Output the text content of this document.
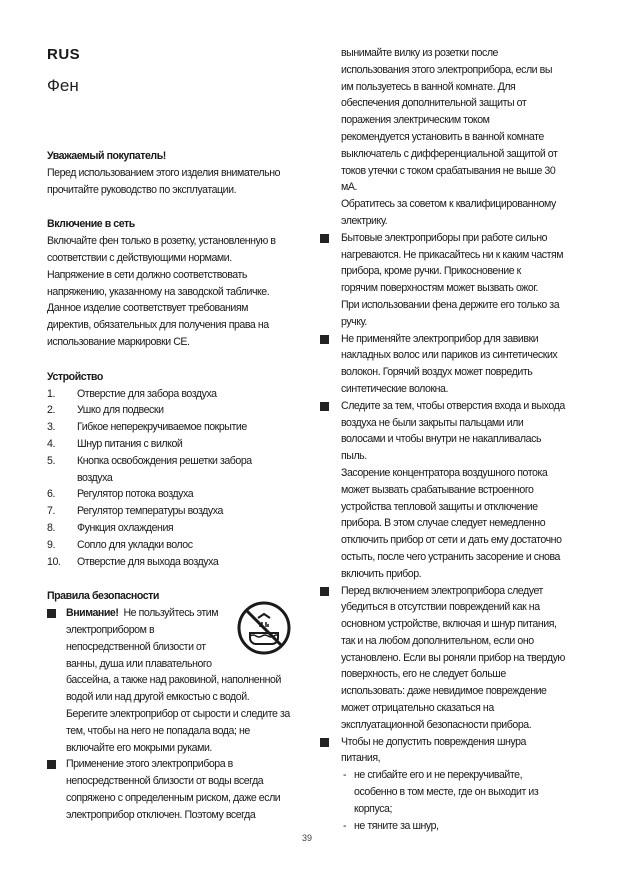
RUS
Фен
Уважаемый покупатель!
Перед использованием этого изделия внимательно
прочитайте руководство по эксплуатации.
Включение в сеть
Включайте фен только в розетку, установленную в
соответствии с действующими нормами.
Напряжение в сети должно соответствовать
напряжению, указанному на заводской табличке.
Данное изделие соответствует требованиям
директив, обязательных для получения права на
использование маркировки CE.
Устройство
1. Отверстие для забора воздуха
2. Ушко для подвески
3. Гибкое неперекручиваемое покрытие
4. Шнур питания с вилкой
5. Кнопка освобождения решетки забора
воздуха
6. Регулятор потока воздуха
7. Регулятор температуры воздуха
8. Функция охлаждения
9. Сопло для укладки волос
10. Отверстие для выхода воздуха
Правила безопасности
Внимание! Не пользуйтесь этим
электроприбором в
непосредственной близости от
ванны, душа или плавательного
бассейна, а также над раковиной, наполненной
водой или над другой емкостью с водой.
Берегите электроприбор от сырости и следите за
тем, чтобы на него не попадала вода; не
включайте его мокрыми руками.
Применение этого электроприбора в
непосредственной близости от воды всегда
сопряжено с определенным риском, даже если
электроприбор отключен. Поэтому всегда
вынимайте вилку из розетки после
использования этого электроприбора, если вы
им пользуетесь в ванной комнате. Для
обеспечения дополнительной защиты от
поражения электрическим током
рекомендуется установить в ванной комнате
выключатель с дифференциальной защитой от
токов утечки с током срабатывания не выше 30
мА.
Обратитесь за советом к квалифицированному
электрику.
Бытовые электроприборы при работе сильно
нагреваются. Не прикасайтесь ни к каким частям
прибора, кроме ручки. Прикосновение к
горячим поверхностям может вызвать ожог.
При использовании фена держите его только за
ручку.
Не применяйте электроприбор для завивки
накладных волос или париков из синтетических
волокон. Горячий воздух может повредить
синтетические волокна.
Следите за тем, чтобы отверстия входа и выхода
воздуха не были закрыты пальцами или
волосами и чтобы внутри не накапливалась
пыль.
Засорение концентратора воздушного потока
может вызвать срабатывание встроенного
устройства тепловой защиты и отключение
прибора. В этом случае следует немедленно
отключить прибор от сети и дать ему достаточно
остыть, после чего устранить засорение и снова
включить прибор.
Перед включением электроприбора следует
убедиться в отсутствии повреждений как на
основном устройстве, включая и шнур питания,
так и на любом дополнительном, если оно
установлено. Если вы роняли прибор на твердую
поверхность, его не следует больше
использовать: даже невидимое повреждение
может отрицательно сказаться на
эксплуатационной безопасности прибора.
Чтобы не допустить повреждения шнура
питания,
- не сгибайте его и не перекручивайте,
особенно в том месте, где он выходит из
корпуса;
- не тяните за шнур,
39
